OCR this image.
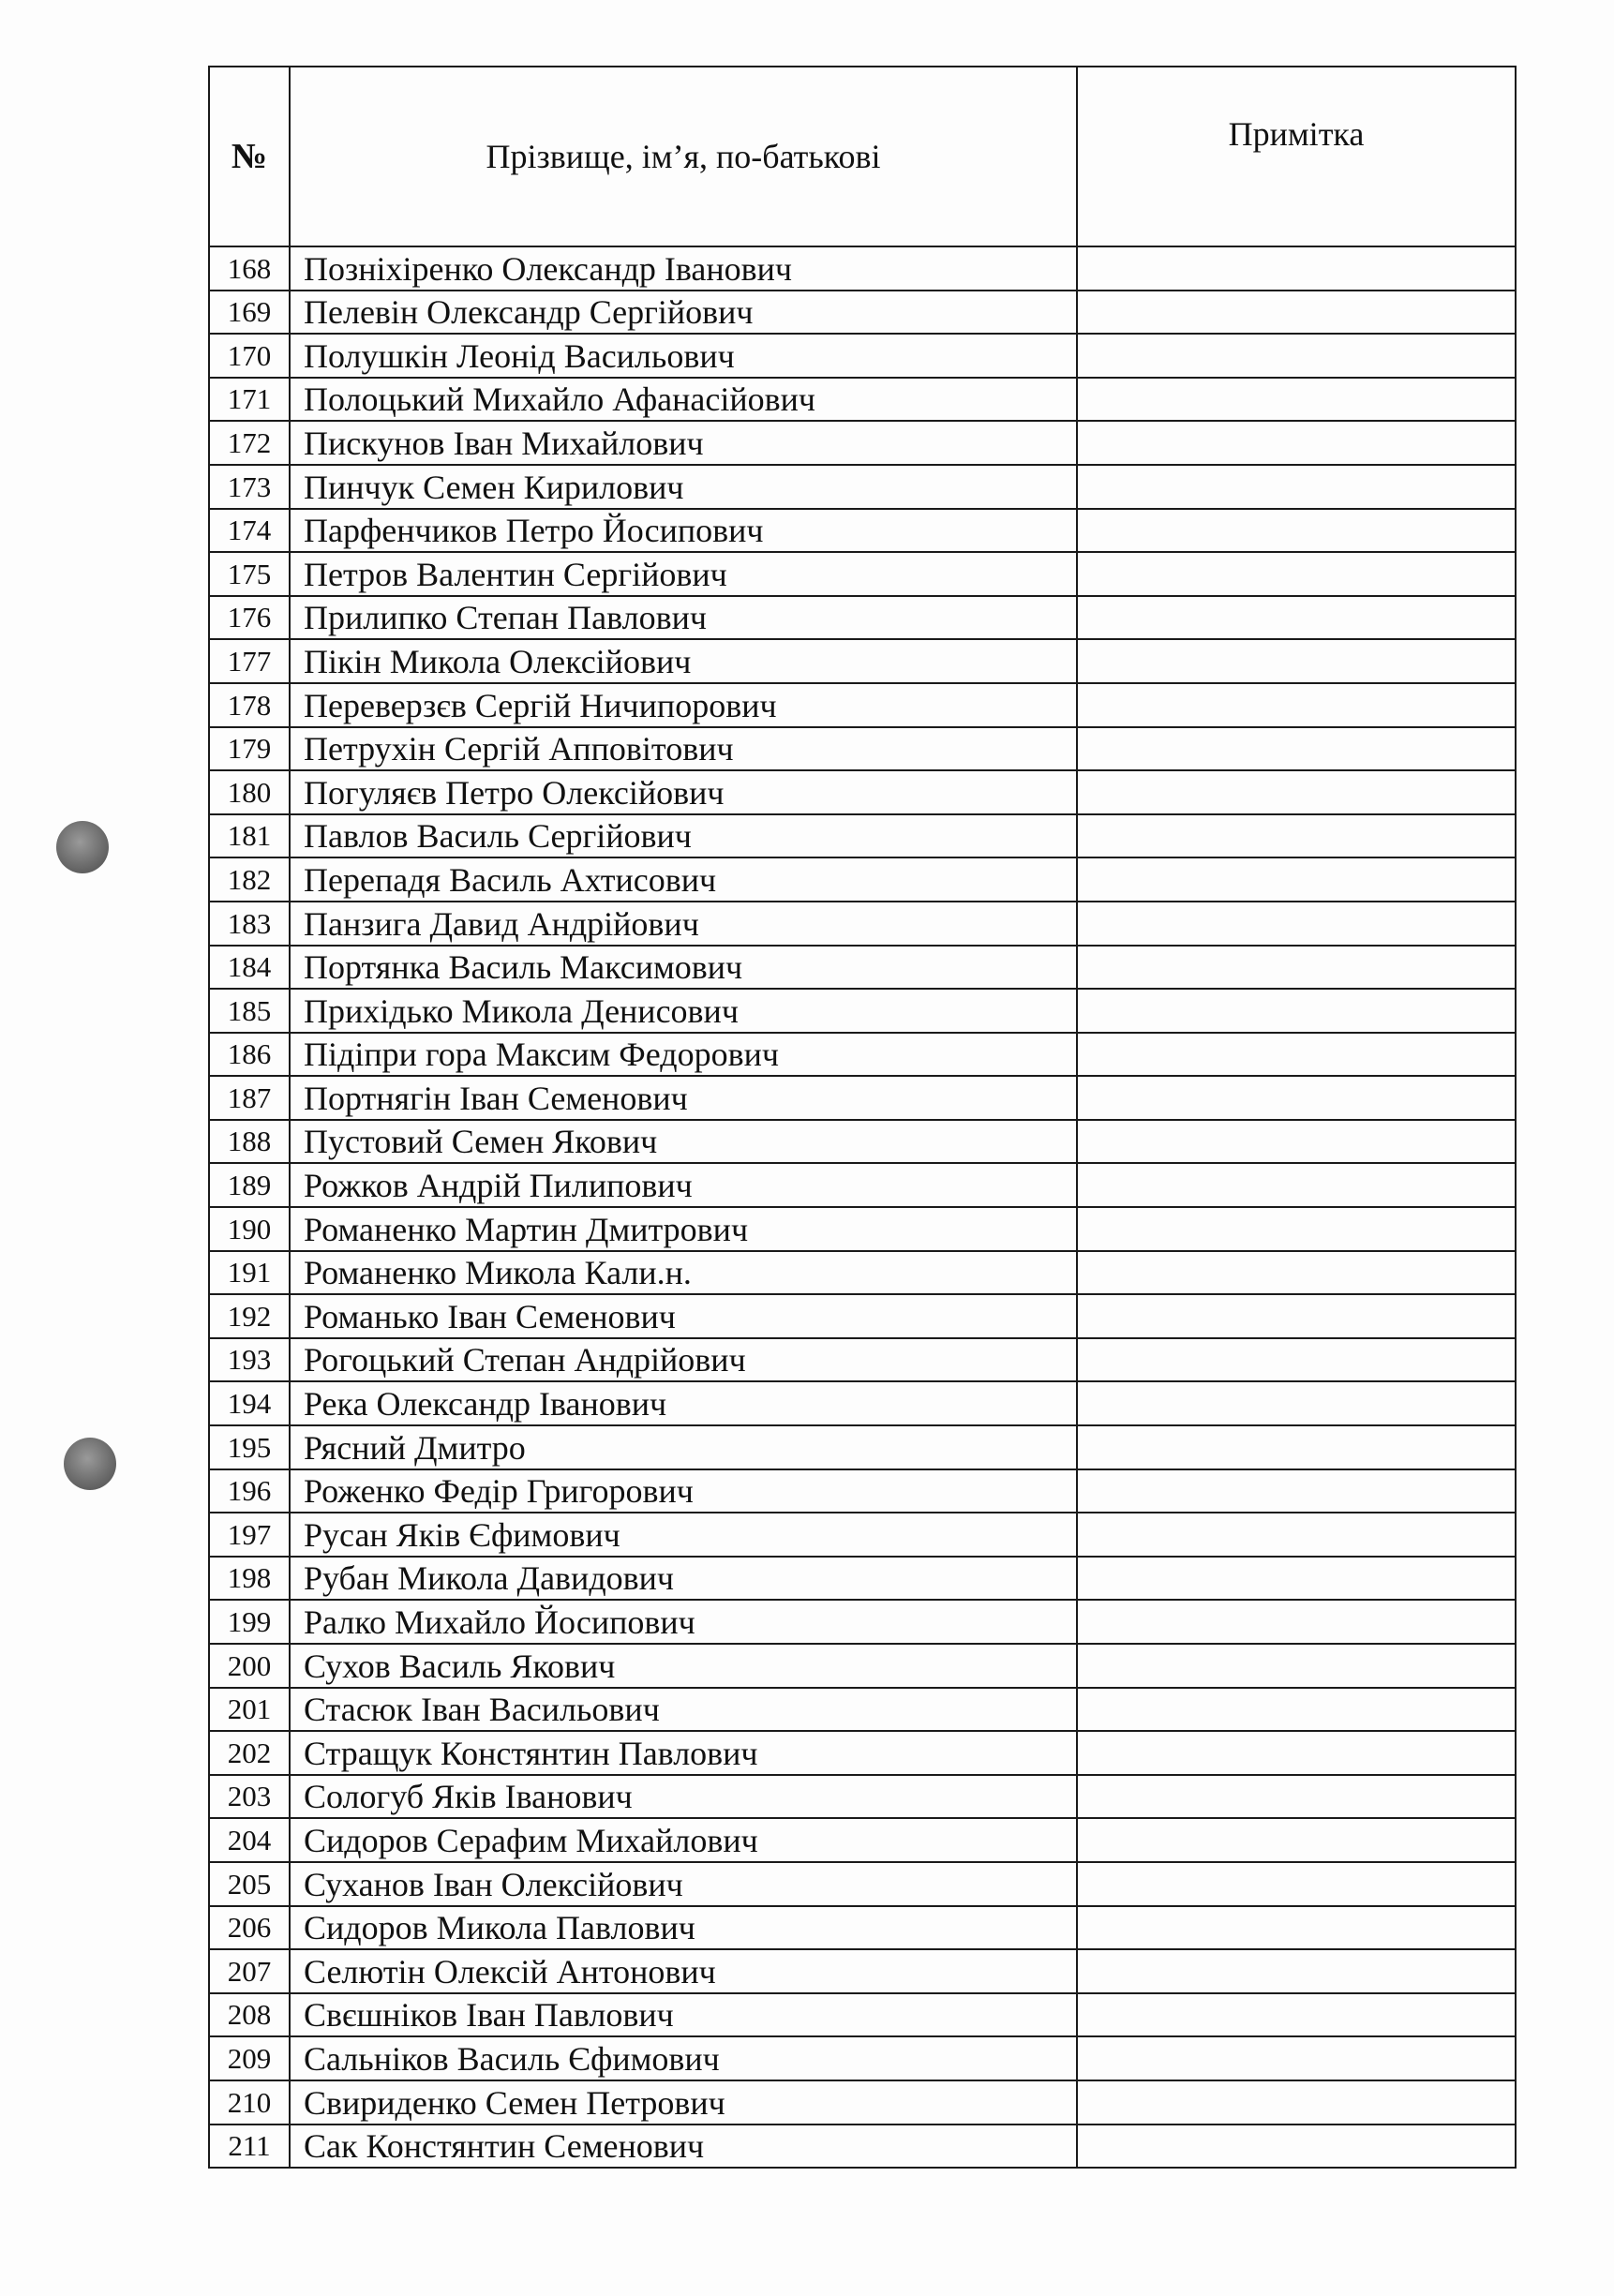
№	Прізвище, ім’я, по-батькові	Примітка
168	Позніхіренко Олександр Іванович	
169	Пелевін Олександр Сергійович	
170	Полушкін Леонід Васильович	
171	Полоцький Михайло Афанасійович	
172	Пискунов Іван Михайлович	
173	Пинчук Семен Кирилович	
174	Парфенчиков Петро Йосипович	
175	Петров Валентин Сергійович	
176	Прилипко Степан Павлович	
177	Пікін Микола Олексійович	
178	Переверзєв Сергій Ничипорович	
179	Петрухін Сергій Апповітович	
180	Погуляєв Петро Олексійович	
181	Павлов Василь Сергійович	
182	Перепадя Василь Ахтисович	
183	Панзига Давид Андрійович	
184	Портянка Василь Максимович	
185	Прихідько Микола Денисович	
186	Підіпри гора Максим Федорович	
187	Портнягін Іван Семенович	
188	Пустовий Семен Якович	
189	Рожков Андрій Пилипович	
190	Романенко Мартин Дмитрович	
191	Романенко Микола Кали.н.	
192	Романько Іван Семенович	
193	Рогоцький Степан Андрійович	
194	Река Олександр Іванович	
195	Рясний Дмитро	
196	Роженко Федір Григорович	
197	Русан Яків Єфимович	
198	Рубан Микола Давидович	
199	Ралко Михайло Йосипович	
200	Сухов Василь Якович	
201	Стасюк Іван Васильович	
202	Стращук Констянтин Павлович	
203	Сологуб Яків Іванович	
204	Сидоров Серафим Михайлович	
205	Суханов Іван Олексійович	
206	Сидоров Микола Павлович	
207	Селютін Олексій Антонович	
208	Свєшніков Іван Павлович	
209	Сальніков Василь Єфимович	
210	Свириденко Семен Петрович	
211	Сак Констянтин Семенович	
